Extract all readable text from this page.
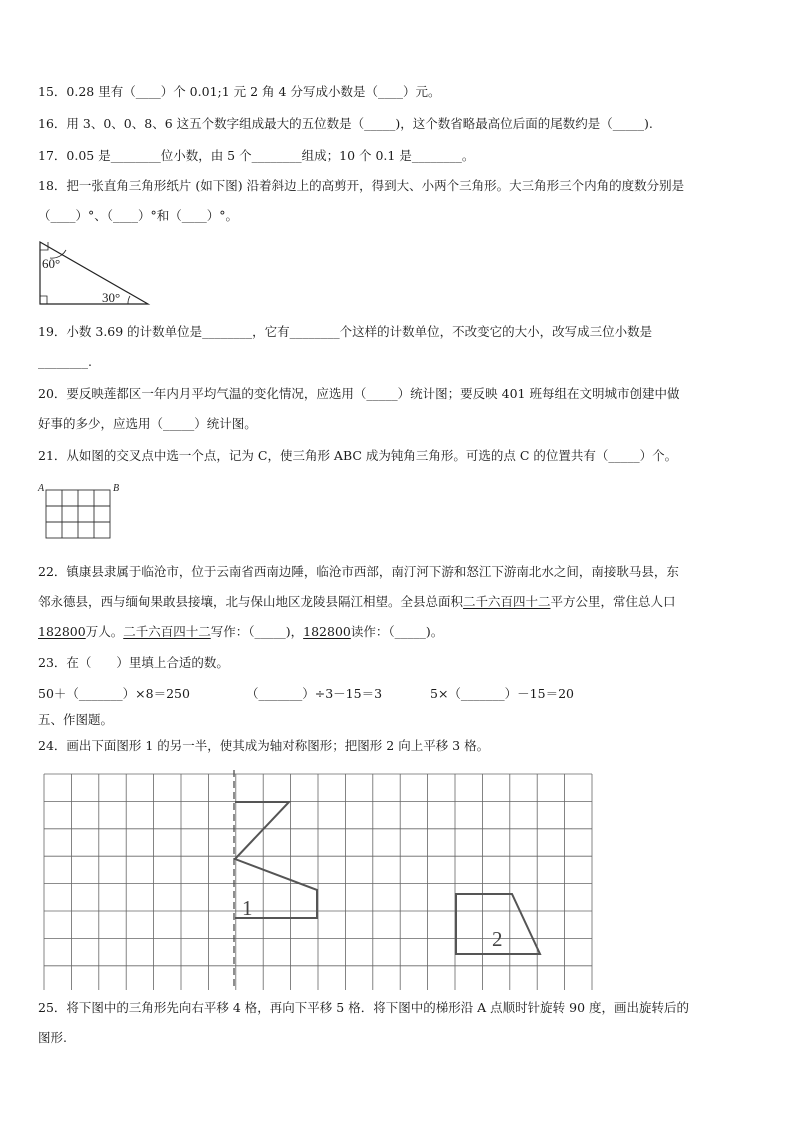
15．0.28 里有（____）个 0.01;1 元 2 角 4 分写成小数是（____）元。
16．用 3、0、0、8、6 这五个数字组成最大的五位数是（_____)，这个数省略最高位后面的尾数约是（_____).
17．0.05 是________位小数，由 5 个________组成；10 个 0.1 是________。
18．把一张直角三角形纸片 (如下图) 沿着斜边上的高剪开，得到大、小两个三角形。大三角形三个内角的度数分别是
（____）°、（____）°和（____）°。
60°
30°
19．小数 3.69 的计数单位是________，它有________个这样的计数单位，不改变它的大小，改写成三位小数是
________.
20．要反映莲都区一年内月平均气温的变化情况，应选用（_____）统计图；要反映 401 班每组在文明城市创建中做
好事的多少，应选用（_____）统计图。
21．从如图的交叉点中选一个点，记为 C，使三角形 ABC 成为钝角三角形。可选的点 C 的位置共有（_____）个。
A	B
22．镇康县隶属于临沧市，位于云南省西南边陲，临沧市西部，南汀河下游和怒江下游南北水之间，南接耿马县，东
邻永德县，西与缅甸果敢县接壤，北与保山地区龙陵县隔江相望。全县总面积二千六百四十二平方公里，常住总人口
182800万人。二千六百四十二写作：（_____)，182800读作：（_____)。
23．在（　　）里填上合适的数。
50＋（_______）×8＝250	（_______）÷3－15＝3	5×（_______）－15＝20
五、作图题。
24．画出下面图形 1 的另一半，使其成为轴对称图形；把图形 2 向上平移 3 格。
1
2
25．将下图中的三角形先向右平移 4 格，再向下平移 5 格．将下图中的梯形沿 A 点顺时针旋转 90 度，画出旋转后的
图形.
